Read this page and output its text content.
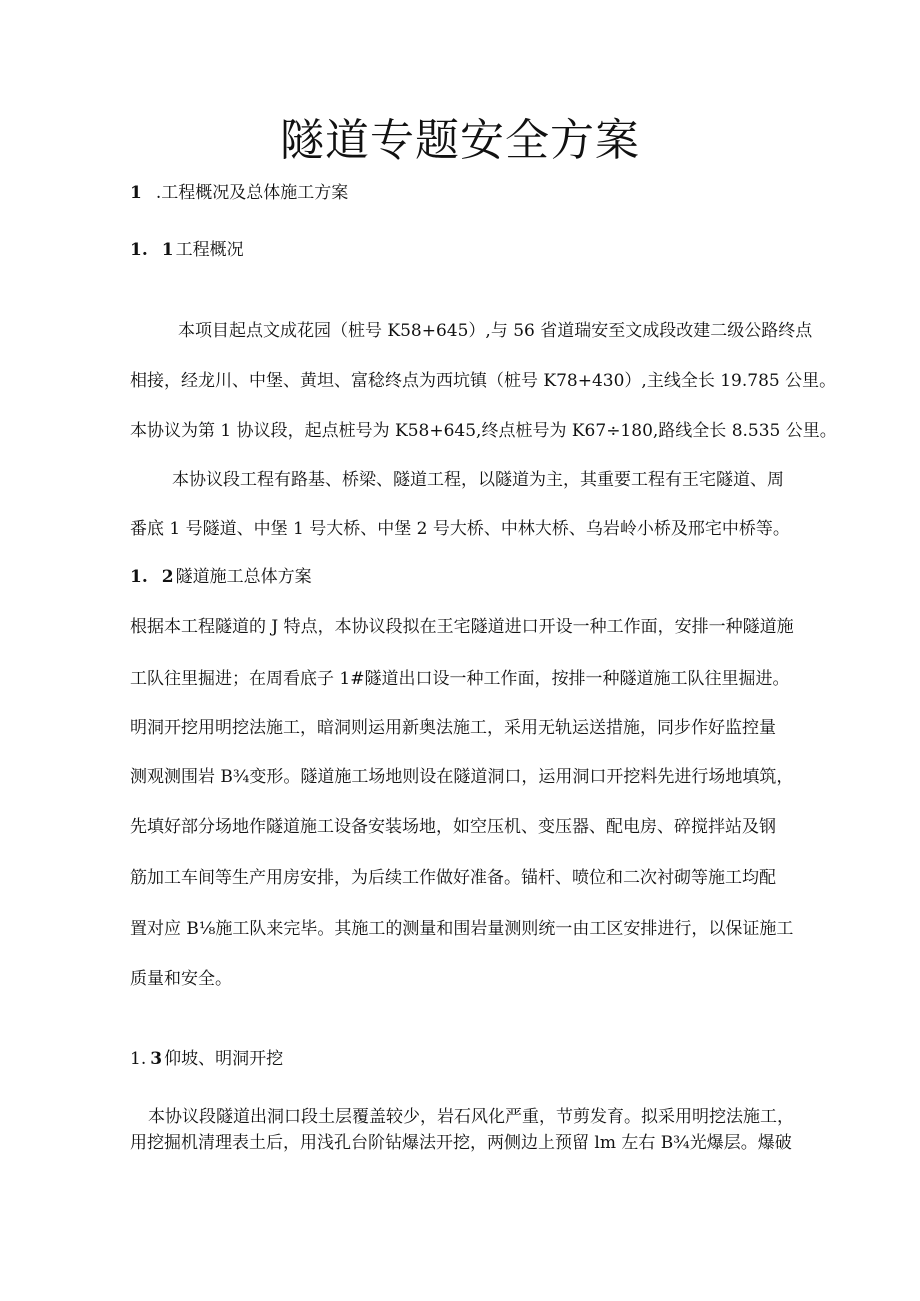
隧道专题安全方案
1 .工程概况及总体施工方案
1. 1 工程概况
本项目起点文成花园（桩号 K58+645）,与 56 省道瑞安至文成段改建二级公路终点
相接，经龙川、中堡、黄坦、富稔终点为西坑镇（桩号 K78+430）,主线全长 19.785 公里。
本协议为第 1 协议段，起点桩号为 K58+645,终点桩号为 K67÷180,路线全长 8.535 公里。
本协议段工程有路基、桥梁、隧道工程，以隧道为主，其重要工程有王宅隧道、周
番底 1 号隧道、中堡 1 号大桥、中堡 2 号大桥、中林大桥、乌岩岭小桥及邢宅中桥等。
1. 2 隧道施工总体方案
根据本工程隧道的 J 特点，本协议段拟在王宅隧道进口开设一种工作面，安排一种隧道施
工队往里掘进；在周看底子 1#隧道出口设一种工作面，按排一种隧道施工队往里掘进。
明洞开挖用明挖法施工，暗洞则运用新奥法施工，采用无轨运送措施，同步作好监控量
测观测围岩 B¾变形。隧道施工场地则设在隧道洞口，运用洞口开挖料先进行场地填筑，
先填好部分场地作隧道施工设备安装场地，如空压机、变压器、配电房、碎搅拌站及钢
筋加工车间等生产用房安排，为后续工作做好准备。锚杆、喷位和二次衬砌等施工均配
置对应 B⅛施工队来完毕。其施工的测量和围岩量测则统一由工区安排进行，以保证施工
质量和安全。
1. 3 仰坡、明洞开挖
本协议段隧道出洞口段土层覆盖较少，岩石风化严重，节剪发育。拟采用明挖法施工，
用挖掘机清理表土后，用浅孔台阶钻爆法开挖，两侧边上预留 lm 左右 B¾光爆层。爆破
